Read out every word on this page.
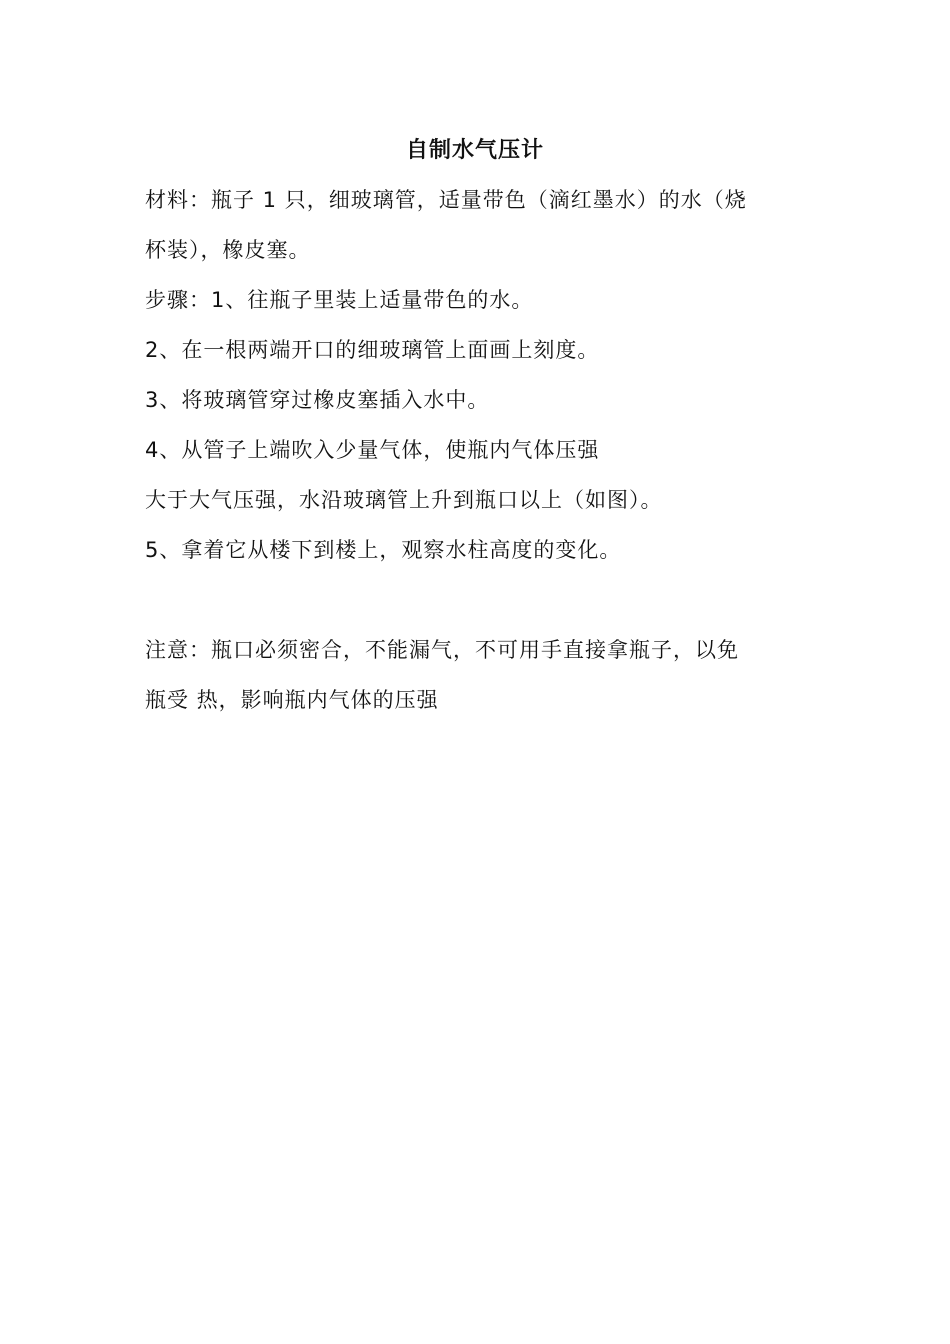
自制水气压计
材料：瓶子 1 只，细玻璃管，适量带色（滴红墨水）的水（烧
杯装），橡皮塞。
步骤：1、往瓶子里装上适量带色的水。
2、在一根两端开口的细玻璃管上面画上刻度。
3、将玻璃管穿过橡皮塞插入水中。
4、从管子上端吹入少量气体，使瓶内气体压强
大于大气压强，水沿玻璃管上升到瓶口以上（如图）。
5、拿着它从楼下到楼上，观察水柱高度的变化。
注意：瓶口必须密合，不能漏气，不可用手直接拿瓶子，以免
瓶受 热，影响瓶内气体的压强
